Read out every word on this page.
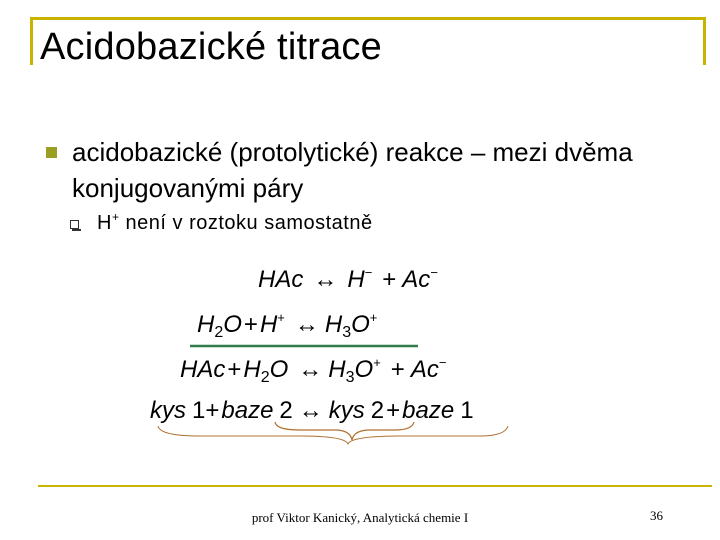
Acidobazické titrace
acidobazické (protolytické) reakce – mezi dvěma konjugovanými páry
H+ není v roztoku samostatně
HAc ↔ H− + Ac−
$H_2O+H^+$ ↔ $H_3O^+$
$HAc+H_2O$ ↔ $H_3O^+ + Ac^-$
kys 1+baze 2 ↔ kys 2+baze 1
prof Viktor Kanický, Analytická chemie I	36
